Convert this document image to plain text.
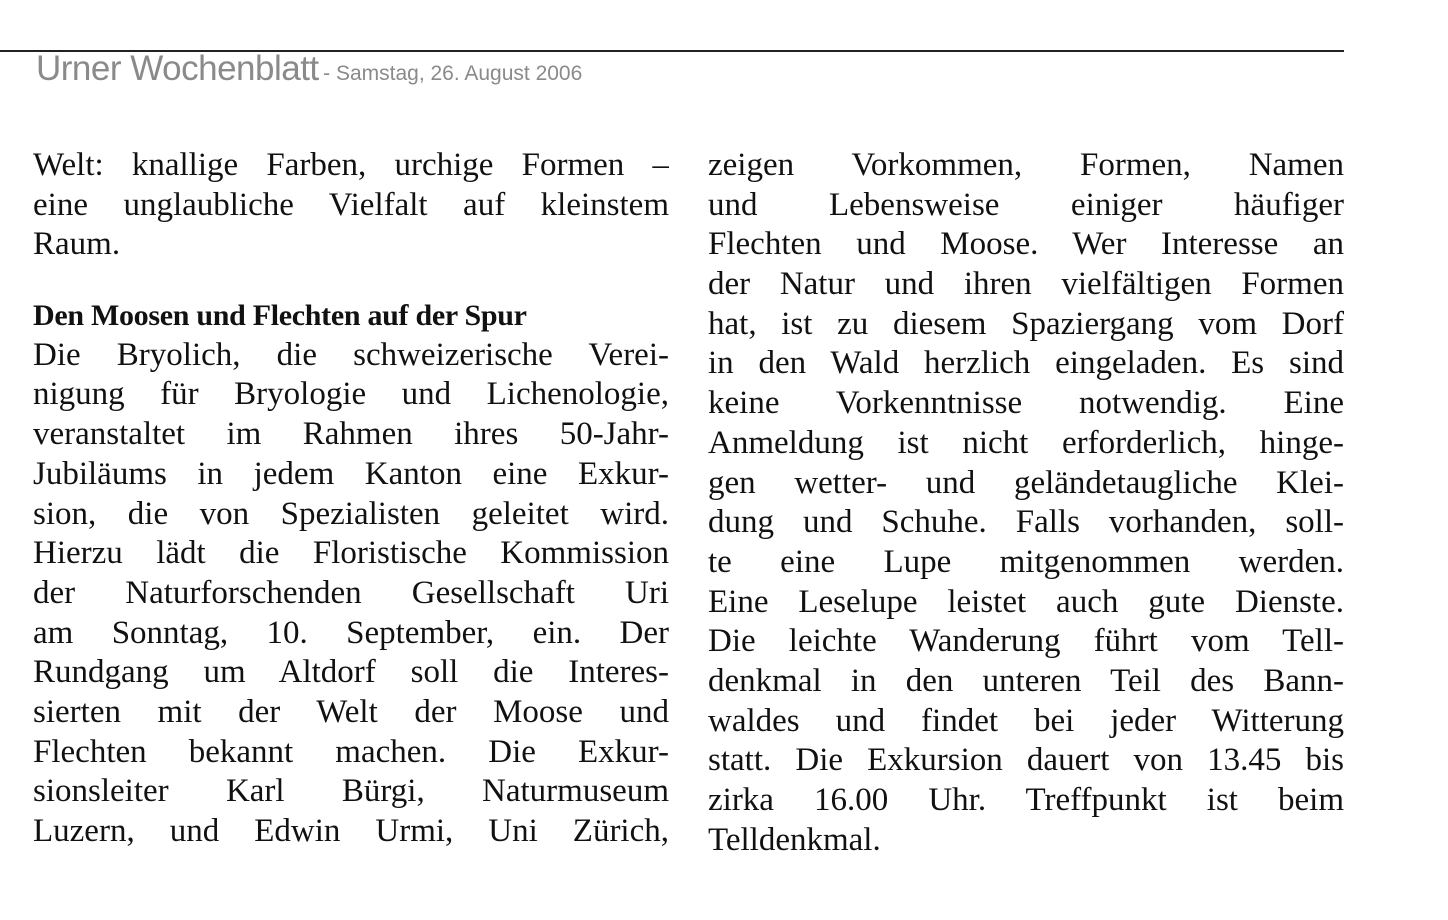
Urner Wochenblatt - Samstag, 26. August 2006
Welt: knallige Farben, urchige Formen –
eine unglaubliche Vielfalt auf kleinstem
Raum.
Den Moosen und Flechten auf der Spur
Die Bryolich, die schweizerische Verei-
nigung für Bryologie und Lichenologie,
veranstaltet im Rahmen ihres 50-Jahr-
Jubiläums in jedem Kanton eine Exkur-
sion, die von Spezialisten geleitet wird.
Hierzu lädt die Floristische Kommission
der Naturforschenden Gesellschaft Uri
am Sonntag, 10. September, ein. Der
Rundgang um Altdorf soll die Interes-
sierten mit der Welt der Moose und
Flechten bekannt machen. Die Exkur-
sionsleiter Karl Bürgi, Naturmuseum
Luzern, und Edwin Urmi, Uni Zürich,
zeigen Vorkommen, Formen, Namen
und Lebensweise einiger häufiger
Flechten und Moose. Wer Interesse an
der Natur und ihren vielfältigen Formen
hat, ist zu diesem Spaziergang vom Dorf
in den Wald herzlich eingeladen. Es sind
keine Vorkenntnisse notwendig. Eine
Anmeldung ist nicht erforderlich, hinge-
gen wetter- und geländetaugliche Klei-
dung und Schuhe. Falls vorhanden, soll-
te eine Lupe mitgenommen werden.
Eine Leselupe leistet auch gute Dienste.
Die leichte Wanderung führt vom Tell-
denkmal in den unteren Teil des Bann-
waldes und findet bei jeder Witterung
statt. Die Exkursion dauert von 13.45 bis
zirka 16.00 Uhr. Treffpunkt ist beim
Telldenkmal.
